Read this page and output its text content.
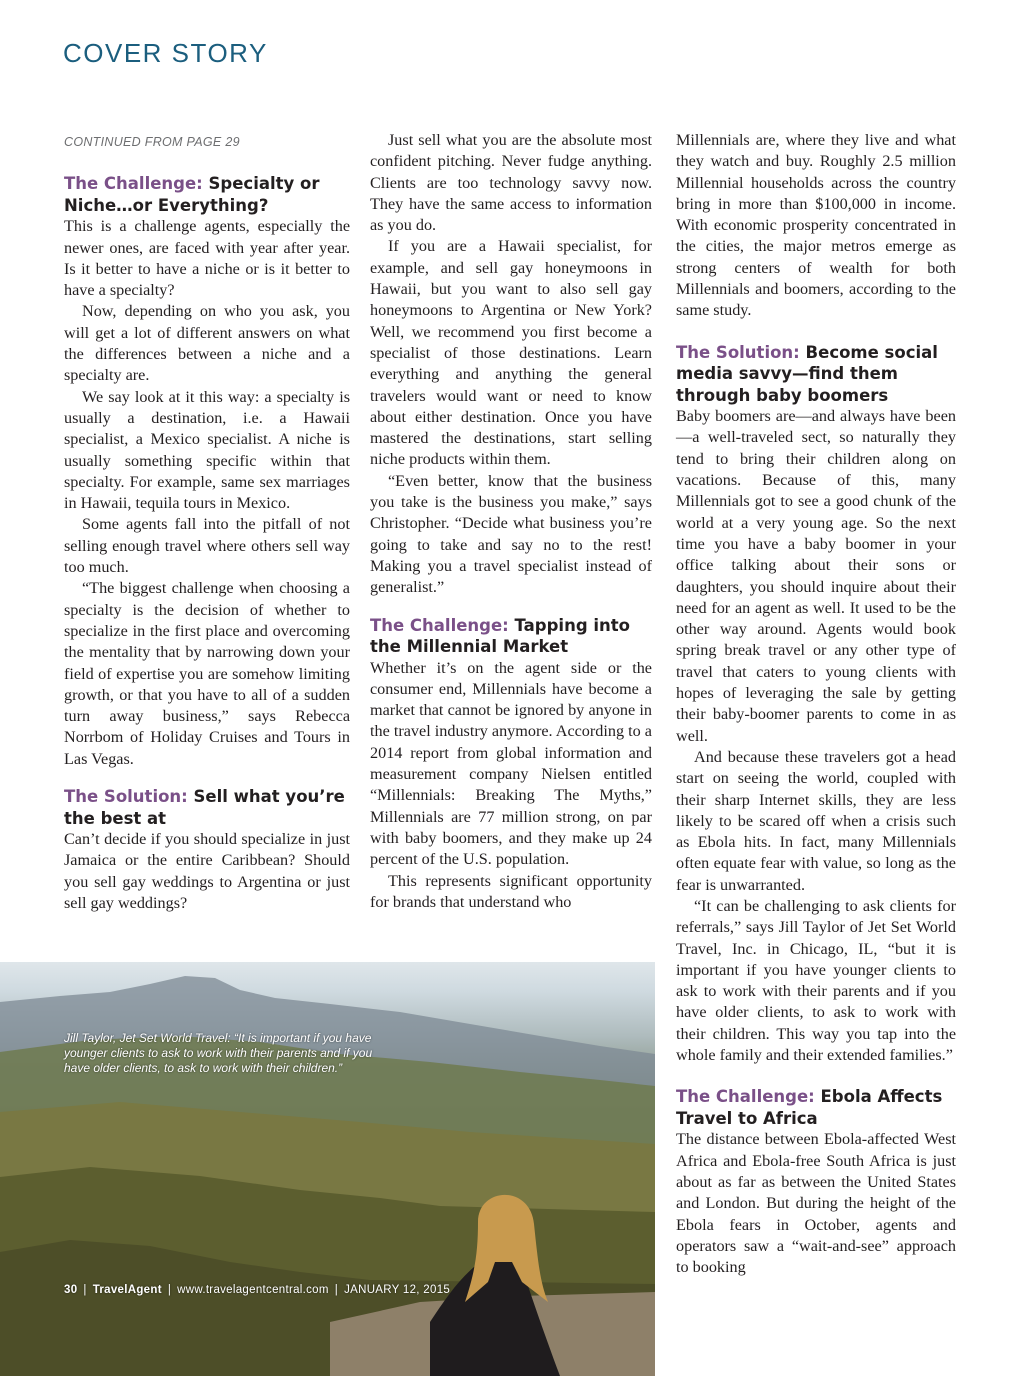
COVER STORY
CONTINUED FROM PAGE 29
The Challenge: Specialty or Niche…or Everything?

This is a challenge agents, especially the newer ones, are faced with year after year. Is it better to have a niche or is it better to have a specialty?

Now, depending on who you ask, you will get a lot of different answers on what the differences between a niche and a specialty are.

We say look at it this way: a specialty is usually a destination, i.e. a Hawaii specialist, a Mexico specialist. A niche is usually something specific within that specialty. For example, same sex marriages in Hawaii, tequila tours in Mexico.

Some agents fall into the pitfall of not selling enough travel where others sell way too much.

“The biggest challenge when choosing a specialty is the decision of whether to specialize in the first place and overcoming the mentality that by narrowing down your field of expertise you are somehow limiting growth, or that you have to all of a sudden turn away business,” says Rebecca Norrbom of Holiday Cruises and Tours in Las Vegas.

The Solution: Sell what you’re the best at

Can’t decide if you should specialize in just Jamaica or the entire Caribbean? Should you sell gay weddings to Argentina or just sell gay weddings?

Just sell what you are the absolute most confident pitching. Never fudge anything. Clients are too technology savvy now. They have the same access to information as you do.

If you are a Hawaii specialist, for example, and sell gay honeymoons in Hawaii, but you want to also sell gay honeymoons to Argentina or New York? Well, we recommend you first become a specialist of those destinations. Learn everything and anything the general travelers would want or need to know about either destination. Once you have mastered the destinations, start selling niche products within them.

“Even better, know that the business you take is the business you make,” says Christopher. “Decide what business you’re going to take and say no to the rest! Making you a travel specialist instead of generalist.”

The Challenge: Tapping into the Millennial Market

Whether it’s on the agent side or the consumer end, Millennials have become a market that cannot be ignored by anyone in the travel industry anymore. According to a 2014 report from global information and measurement company Nielsen entitled “Millennials: Breaking The Myths,” Millennials are 77 million strong, on par with baby boomers, and they make up 24 percent of the U.S. population.

This represents significant opportunity for brands that understand who

Millennials are, where they live and what they watch and buy. Roughly 2.5 million Millennial households across the country bring in more than $100,000 in income. With economic prosperity concentrated in the cities, the major metros emerge as strong centers of wealth for both Millennials and boomers, according to the same study.

The Solution: Become social media savvy—find them through baby boomers

Baby boomers are—and always have been—a well-traveled sect, so naturally they tend to bring their children along on vacations. Because of this, many Millennials got to see a good chunk of the world at a very young age. So the next time you have a baby boomer in your office talking about their sons or daughters, you should inquire about their need for an agent as well. It used to be the other way around. Agents would book spring break travel or any other type of travel that caters to young clients with hopes of leveraging the sale by getting their baby-boomer parents to come in as well.

And because these travelers got a head start on seeing the world, coupled with their sharp Internet skills, they are less likely to be scared off when a crisis such as Ebola hits. In fact, many Millennials often equate fear with value, so long as the fear is unwarranted.

“It can be challenging to ask clients for referrals,” says Jill Taylor of Jet Set World Travel, Inc. in Chicago, IL, “but it is important if you have younger clients to ask to work with their parents and if you have older clients, to ask to work with their children. This way you tap into the whole family and their extended families.”

The Challenge: Ebola Affects Travel to Africa

The distance between Ebola-affected West Africa and Ebola-free South Africa is just about as far as between the United States and London. But during the height of the Ebola fears in October, agents and operators saw a “wait-and-see” approach to booking

Jill Taylor, Jet Set World Travel: “It is important if you have younger clients to ask to work with their parents and if you have older clients, to ask to work with their children.”
30 | TravelAgent | www.travelagentcentral.com | JANUARY 12, 2015
